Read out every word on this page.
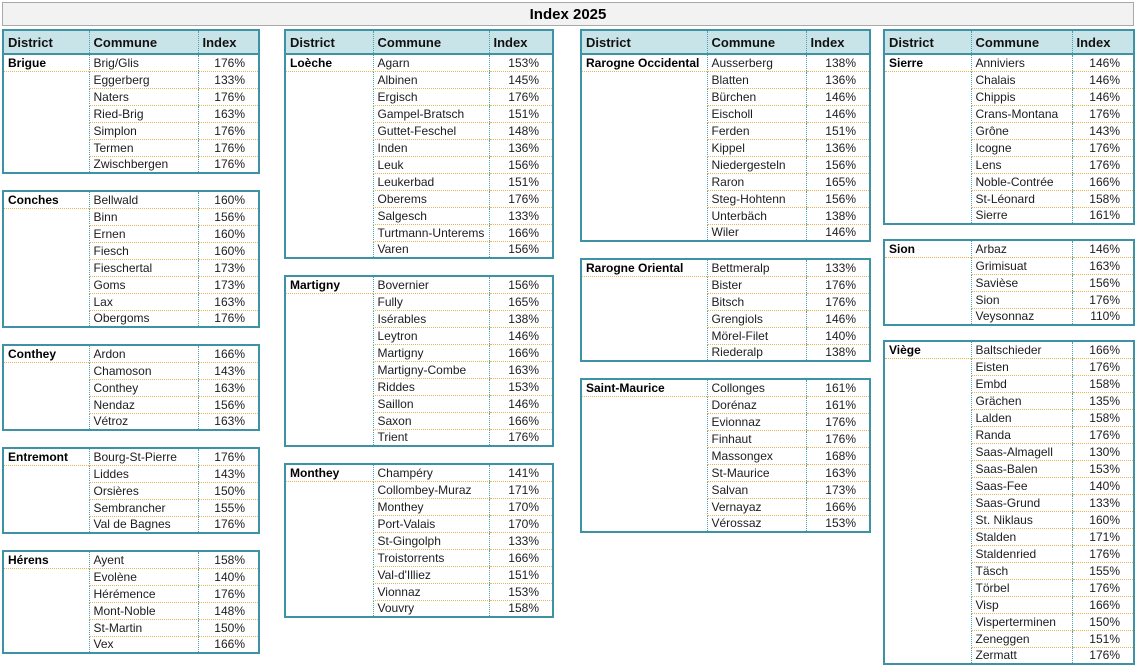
Index 2025
District	Commune	Index

Brigue	Brig/Glis	176%
	Eggerberg	133%
	Naters	176%
	Ried-Brig	163%
	Simplon	176%
	Termen	176%
	Zwischbergen	176%
Conches	Bellwald	160%
	Binn	156%
	Ernen	160%
	Fiesch	160%
	Fieschertal	173%
	Goms	173%
	Lax	163%
	Obergoms	176%
Conthey	Ardon	166%
	Chamoson	143%
	Conthey	163%
	Nendaz	156%
	Vétroz	163%
Entremont	Bourg-St-Pierre	176%
	Liddes	143%
	Orsières	150%
	Sembrancher	155%
	Val de Bagnes	176%
Hérens	Ayent	158%
	Evolène	140%
	Hérémence	176%
	Mont-Noble	148%
	St-Martin	150%
	Vex	166%
District	Commune	Index

Loèche	Agarn	153%
	Albinen	145%
	Ergisch	176%
	Gampel-Bratsch	151%
	Guttet-Feschel	148%
	Inden	136%
	Leuk	156%
	Leukerbad	151%
	Oberems	176%
	Salgesch	133%
	Turtmann-Unterems	166%
	Varen	156%
Martigny	Bovernier	156%
	Fully	165%
	Isérables	138%
	Leytron	146%
	Martigny	166%
	Martigny-Combe	163%
	Riddes	153%
	Saillon	146%
	Saxon	166%
	Trient	176%
Monthey	Champéry	141%
	Collombey-Muraz	171%
	Monthey	170%
	Port-Valais	170%
	St-Gingolph	133%
	Troistorrents	166%
	Val-d'Illiez	151%
	Vionnaz	153%
	Vouvry	158%
District	Commune	Index

Rarogne Occidental	Ausserberg	138%
	Blatten	136%
	Bürchen	146%
	Eischoll	146%
	Ferden	151%
	Kippel	136%
	Niedergesteln	156%
	Raron	165%
	Steg-Hohtenn	156%
	Unterbäch	138%
	Wiler	146%
Rarogne Oriental	Bettmeralp	133%
	Bister	176%
	Bitsch	176%
	Grengiols	146%
	Mörel-Filet	140%
	Riederalp	138%
Saint-Maurice	Collonges	161%
	Dorénaz	161%
	Evionnaz	176%
	Finhaut	176%
	Massongex	168%
	St-Maurice	163%
	Salvan	173%
	Vernayaz	166%
	Vérossaz	153%
District	Commune	Index

Sierre	Anniviers	146%
	Chalais	146%
	Chippis	146%
	Crans-Montana	176%
	Grône	143%
	Icogne	176%
	Lens	176%
	Noble-Contrée	166%
	St-Léonard	158%
	Sierre	161%
Sion	Arbaz	146%
	Grimisuat	163%
	Savièse	156%
	Sion	176%
	Veysonnaz	110%
Viège	Baltschieder	166%
	Eisten	176%
	Embd	158%
	Grächen	135%
	Lalden	158%
	Randa	176%
	Saas-Almagell	130%
	Saas-Balen	153%
	Saas-Fee	140%
	Saas-Grund	133%
	St. Niklaus	160%
	Stalden	171%
	Staldenried	176%
	Täsch	155%
	Törbel	176%
	Visp	166%
	Visperterminen	150%
	Zeneggen	151%
	Zermatt	176%
